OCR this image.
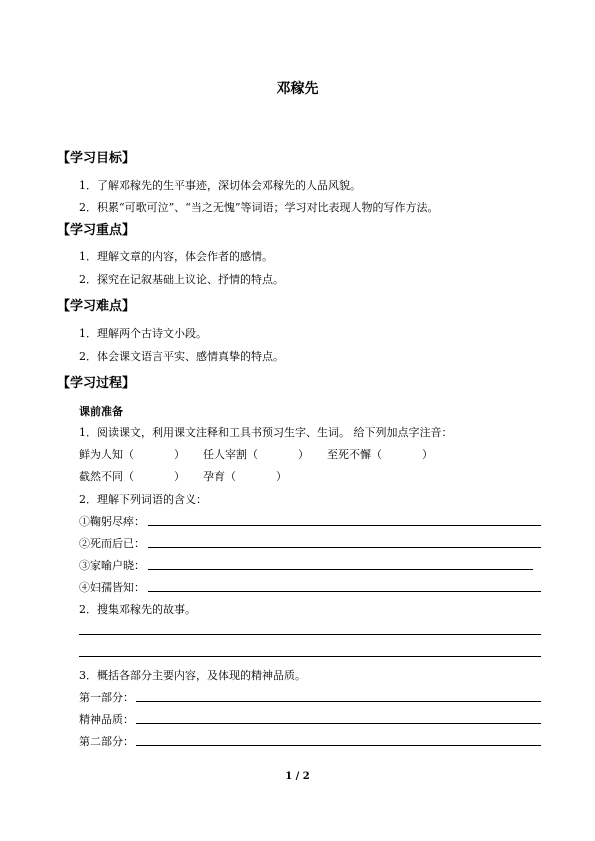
邓稼先
【学习目标】
1．了解邓稼先的生平事迹，深切体会邓稼先的人品风貌。
2．积累“可歌可泣”、“当之无愧”等词语；学习对比表现人物的写作方法。
【学习重点】
1．理解文章的内容，体会作者的感情。
2．探究在记叙基础上议论、抒情的特点。
【学习难点】
1．理解两个古诗文小段。
2．体会课文语言平实、感情真挚的特点。
【学习过程】
课前准备
1．阅读课文，利用课文注释和工具书预习生字、生词。 给下列加点字注音：
鲜为人知（	） 任人宰割（	） 至死不懈（	）
截然不同（	） 孕育（	）
2．理解下列词语的含义：
①鞠躬尽瘁：
②死而后已：
③家喻户晓：
④妇孺皆知：
2．搜集邓稼先的故事。
3．概括各部分主要内容，及体现的精神品质。
第一部分：
精神品质：
第二部分：
1 / 2
